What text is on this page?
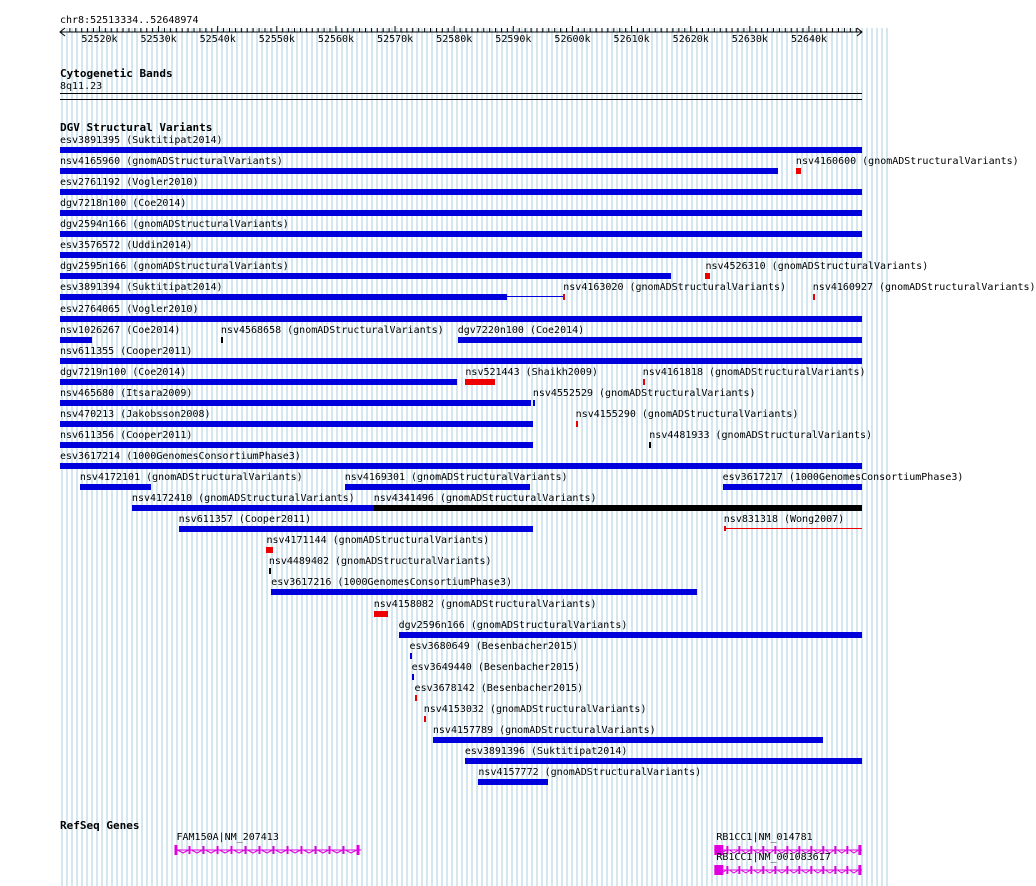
chr8:52513334..52648974
52520k 52530k 52540k 52550k 52560k 52570k 52580k 52590k 52600k 52610k 52620k 52630k 52640k
Cytogenetic Bands
8q11.23
DGV Structural Variants
esv3891395 (Suktitipat2014)
nsv4165960 (gnomADStructuralVariants)	nsv4160600 (gnomADStructuralVariants)
esv2761192 (Vogler2010)
dgv7218n100 (Coe2014)
dgv2594n166 (gnomADStructuralVariants)
esv3576572 (Uddin2014)
dgv2595n166 (gnomADStructuralVariants)	nsv4526310 (gnomADStructuralVariants)
esv3891394 (Suktitipat2014)	nsv4163020 (gnomADStructuralVariants)	nsv4160927 (gnomADStructuralVariants)
esv2764065 (Vogler2010)
nsv1026267 (Coe2014)	nsv4568658 (gnomADStructuralVariants) dgv7220n100 (Coe2014)
nsv611355 (Cooper2011)
dgv7219n100 (Coe2014)	nsv521443 (Shaikh2009)	nsv4161818 (gnomADStructuralVariants)
nsv465680 (Itsara2009)	nsv4552529 (gnomADStructuralVariants)
nsv470213 (Jakobsson2008)	nsv4155290 (gnomADStructuralVariants)
nsv611356 (Cooper2011)	nsv4481933 (gnomADStructuralVariants)
esv3617214 (1000GenomesConsortiumPhase3)
nsv4172101 (gnomADStructuralVariants)	nsv4169301 (gnomADStructuralVariants)	esv3617217 (1000GenomesConsortiumPhase3)
nsv4172410 (gnomADStructuralVariants) nsv4341496 (gnomADStructuralVariants)
nsv611357 (Cooper2011)	nsv831318 (Wong2007)
nsv4171144 (gnomADStructuralVariants)
nsv4489402 (gnomADStructuralVariants)
esv3617216 (1000GenomesConsortiumPhase3)
nsv4158082 (gnomADStructuralVariants)
dgv2596n166 (gnomADStructuralVariants)
esv3680649 (Besenbacher2015)
esv3649440 (Besenbacher2015)
esv3678142 (Besenbacher2015)
nsv4153032 (gnomADStructuralVariants)
nsv4157789 (gnomADStructuralVariants)
esv3891396 (Suktitipat2014)
nsv4157772 (gnomADStructuralVariants)
RefSeq Genes
FAM150A|NM_207413	RB1CC1|NM_014781
RB1CC1|NM_001083617
